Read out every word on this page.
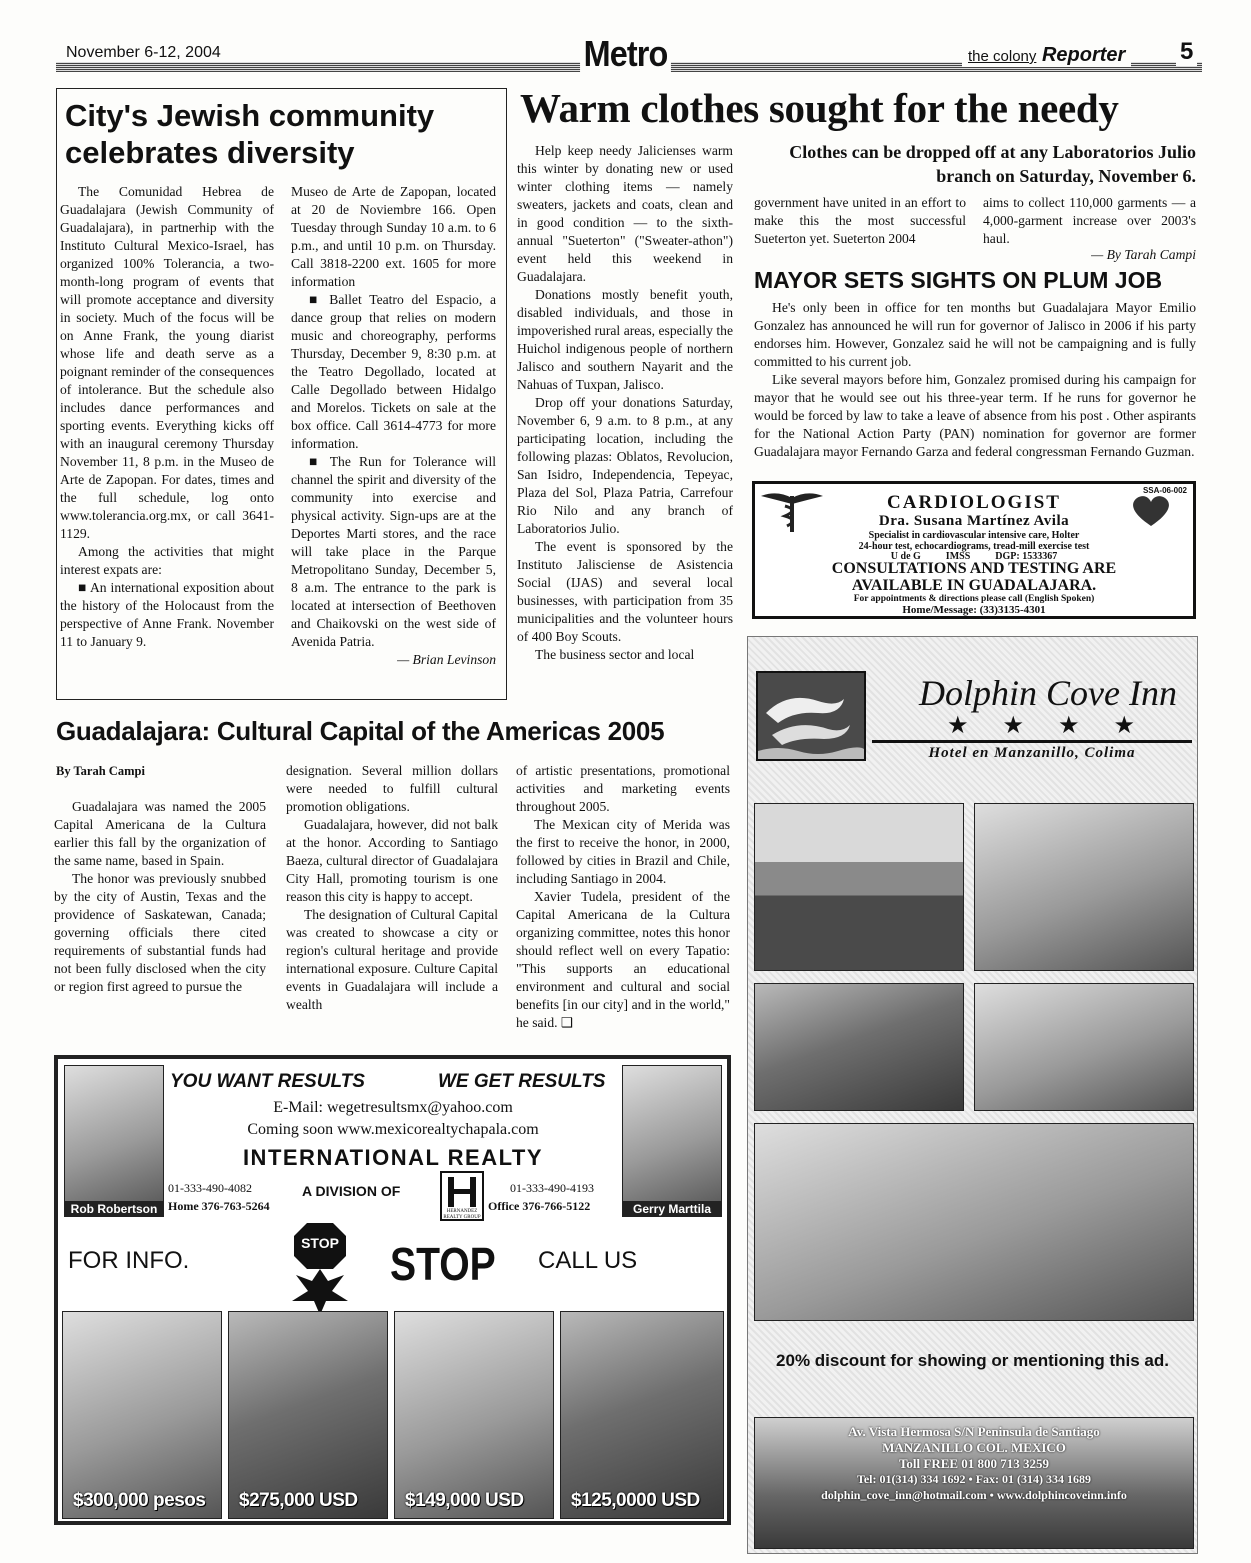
November 6-12, 2004	Metro	the colony Reporter 5
City's Jewish community celebrates diversity

The Comunidad Hebrea de Guadalajara (Jewish Community of Guadalajara), in partnerhip with the Instituto Cultural Mexico-Israel, has organized 100% Tolerancia, a two-month-long program of events that will promote acceptance and diversity in society. Much of the focus will be on Anne Frank, the young diarist whose life and death serve as a poignant reminder of the consequences of intolerance. But the schedule also includes dance performances and sporting events. Everything kicks off with an inaugural ceremony Thursday November 11, 8 p.m. in the Museo de Arte de Zapopan. For dates, times and the full schedule, log onto www.tolerancia.org.mx, or call 3641-1129.

Among the activities that might interest expats are:

■ An international exposition about the history of the Holocaust from the perspective of Anne Frank. November 11 to January 9.

Museo de Arte de Zapopan, located at 20 de Noviembre 166. Open Tuesday through Sunday 10 a.m. to 6 p.m., and until 10 p.m. on Thursday. Call 3818-2200 ext. 1605 for more information

■ Ballet Teatro del Espacio, a dance group that relies on modern music and choreography, performs Thursday, December 9, 8:30 p.m. at the Teatro Degollado, located at Calle Degollado between Hidalgo and Morelos. Tickets on sale at the box office. Call 3614-4773 for more information.

■ The Run for Tolerance will channel the spirit and diversity of the community into exercise and physical activity. Sign-ups are at the Deportes Marti stores, and the race will take place in the Parque Metropolitano Sunday, December 5, 8 a.m. The entrance to the park is located at intersection of Beethoven and Chaikovski on the west side of Avenida Patria.

— Brian Levinson
Warm clothes sought for the needy

Help keep needy Jalicienses warm this winter by donating new or used winter clothing items — namely sweaters, jackets and coats, clean and in good condition — to the sixth-annual "Sueterton" ("Sweater-athon") event held this weekend in Guadalajara.

Donations mostly benefit youth, disabled individuals, and those in impoverished rural areas, especially the Huichol indigenous people of northern Jalisco and southern Nayarit and the Nahuas of Tuxpan, Jalisco.

Drop off your donations Saturday, November 6, 9 a.m. to 8 p.m., at any participating location, including the following plazas: Oblatos, Revolucion, San Isidro, Independencia, Tepeyac, Plaza del Sol, Plaza Patria, Carrefour Rio Nilo and any branch of Laboratorios Julio.

The event is sponsored by the Instituto Jalisciense de Asistencia Social (IJAS) and several local businesses, with participation from 35 municipalities and the volunteer hours of 400 Boy Scouts.

The business sector and local

Clothes can be dropped off at any Laboratorios Julio branch on Saturday, November 6.
government have united in an effort to make this the most successful Sueterton yet. Sueterton 2004
aims to collect 110,000 garments — a 4,000-garment increase over 2003's haul.
— By Tarah Campi
MAYOR SETS SIGHTS ON PLUM JOB

He's only been in office for ten months but Guadalajara Mayor Emilio Gonzalez has announced he will run for governor of Jalisco in 2006 if his party endorses him. However, Gonzalez said he will not be campaigning and is fully committed to his current job.

Like several mayors before him, Gonzalez promised during his campaign for mayor that he would see out his three-year term. If he runs for governor he would be forced by law to take a leave of absence from his post . Other aspirants for the National Action Party (PAN) nomination for governor are former Guadalajara mayor Fernando Garza and federal congressman Fernando Guzman.

SSA-06-002
CARDIOLOGIST
Dra. Susana Martínez Avila
Specialist in cardiovascular intensive care, Holter
24-hour test, echocardiograms, tread-mill exercise test
U de G          IMSS          DGP: 1533367
CONSULTATIONS AND TESTING ARE
AVAILABLE IN GUADALAJARA.
For appointments & directions please call (English Spoken)
Home/Message: (33)3135-4301
Dolphin Cove Inn
★ ★ ★ ★
Hotel en Manzanillo, Colima
20% discount for showing or mentioning this ad.
Av. Vista Hermosa S/N Peninsula de Santiago
MANZANILLO COL. MEXICO
Toll FREE 01 800 713 3259
Tel: 01(314) 334 1692 • Fax: 01 (314) 334 1689
dolphin_cove_inn@hotmail.com • www.dolphincoveinn.info
Guadalajara: Cultural Capital of the Americas 2005
By Tarah Campi

Guadalajara was named the 2005 Capital Americana de la Cultura earlier this fall by the organization of the same name, based in Spain.

The honor was previously snubbed by the city of Austin, Texas and the providence of Saskatewan, Canada; governing officials there cited requirements of substantial funds had not been fully disclosed when the city or region first agreed to pursue the

designation. Several million dollars were needed to fulfill cultural promotion obligations.

Guadalajara, however, did not balk at the honor. According to Santiago Baeza, cultural director of Guadalajara City Hall, promoting tourism is one reason this city is happy to accept.

The designation of Cultural Capital was created to showcase a city or region's cultural heritage and provide international exposure. Culture Capital events in Guadalajara will include a wealth

of artistic presentations, promotional activities and marketing events throughout 2005.

The Mexican city of Merida was the first to receive the honor, in 2000, followed by cities in Brazil and Chile, including Santiago in 2004.

Xavier Tudela, president of the Capital Americana de la Cultura organizing committee, notes this honor should reflect well on every Tapatio: "This supports an educational environment and cultural and social benefits [in our city] and in the world," he said. ❑

Rob Robertson	Gerry Marttila
YOU WANT RESULTS	WE GET RESULTS
E-Mail: wegetresultsmx@yahoo.com
Coming soon www.mexicorealtychapala.com
INTERNATIONAL REALTY
01-333-490-4082
Home 376-763-5264
A DIVISION OF
HERNANDEZ REALTY GROUP
01-333-490-4193
Office 376-766-5122
FOR INFO.
STOP STOP CALL US
$300,000 pesos $275,000 USD $149,000 USD $125,0000 USD
